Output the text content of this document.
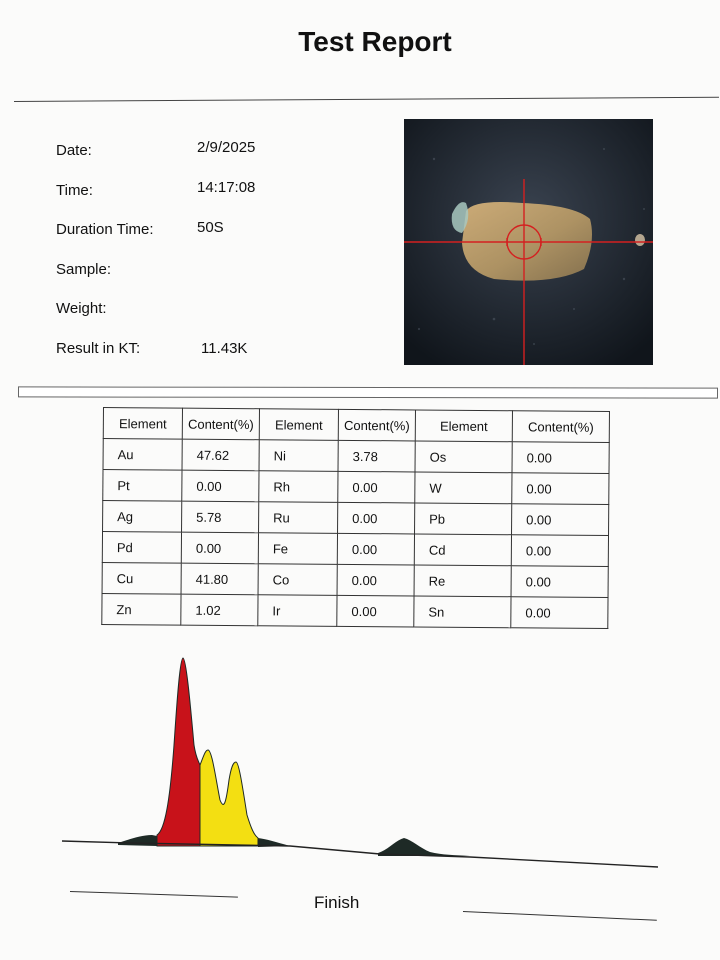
Test Report
Date:	2/9/2025
Time:	14:17:08
Duration Time:	50S
Sample:
Weight:
Result in KT:	11.43K
Element	Content(%)	Element	Content(%)	Element	Content(%)
Au	47.62	Ni	3.78	Os	0.00
Pt	0.00	Rh	0.00	W	0.00
Ag	5.78	Ru	0.00	Pb	0.00
Pd	0.00	Fe	0.00	Cd	0.00
Cu	41.80	Co	0.00	Re	0.00
Zn	1.02	Ir	0.00	Sn	0.00
Finish
